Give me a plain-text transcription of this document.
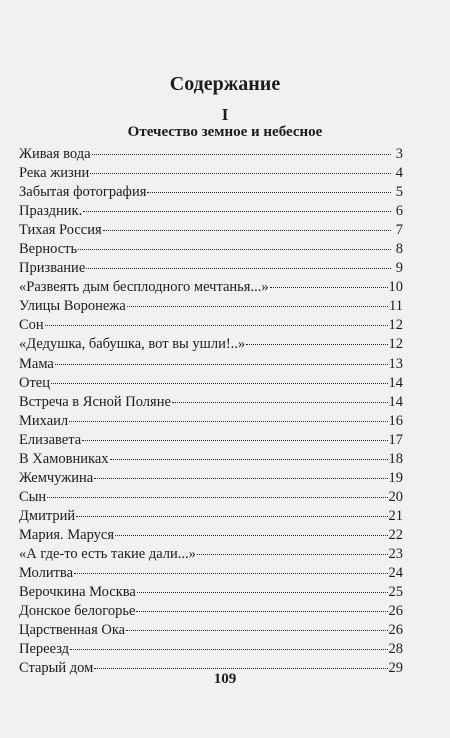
Содержание
I
Отечество земное и небесное
Живая вода	3
Река жизни	4
Забытая фотография	5
Праздник.	6
Тихая Россия	7
Верность	8
Призвание	9
«Развеять дым бесплодного мечтанья...»	10
Улицы Воронежа	11
Сон	12
«Дедушка, бабушка, вот вы ушли!..»	12
Мама	13
Отец	14
Встреча в Ясной Поляне	14
Михаил	16
Елизавета	17
В Хамовниках	18
Жемчужина	19
Сын	20
Дмитрий	21
Мария. Маруся	22
«А где-то есть такие дали...»	23
Молитва	24
Верочкина Москва	25
Донское белогорье	26
Царственная Ока	26
Переезд	28
Старый дом	29
109
